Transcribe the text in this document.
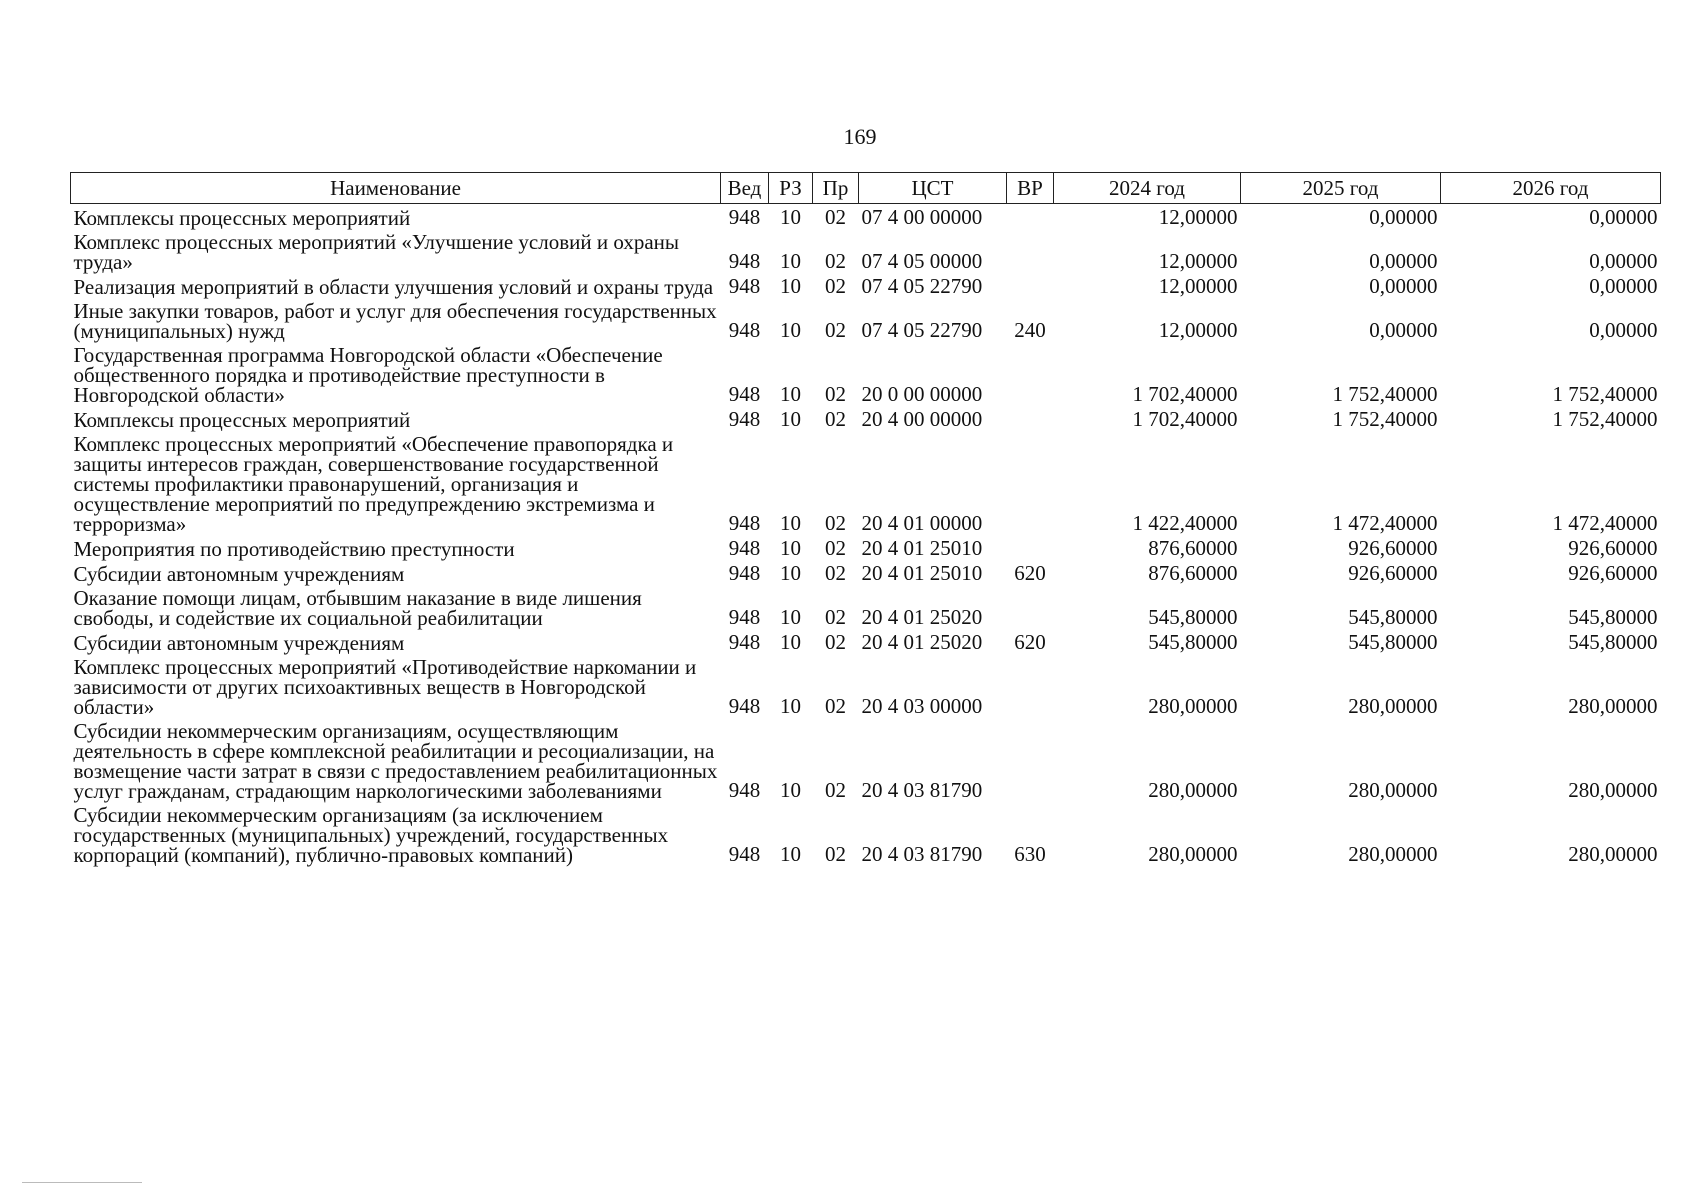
169
Наименование	Вед	РЗ	Пр	ЦСТ	ВР	2024 год	2025 год	2026 год
Комплексы процессных мероприятий	948	10	02	07 4 00 00000		12,00000	0,00000	0,00000
Комплекс процессных мероприятий «Улучшение условий и охраны труда»	948	10	02	07 4 05 00000		12,00000	0,00000	0,00000
Реализация мероприятий в области улучшения условий и охраны труда	948	10	02	07 4 05 22790		12,00000	0,00000	0,00000
Иные закупки товаров, работ и услуг для обеспечения государственных (муниципальных) нужд	948	10	02	07 4 05 22790	240	12,00000	0,00000	0,00000
Государственная программа Новгородской области «Обеспечение общественного порядка и противодействие преступности в Новгородской области»	948	10	02	20 0 00 00000		1 702,40000	1 752,40000	1 752,40000
Комплексы процессных мероприятий	948	10	02	20 4 00 00000		1 702,40000	1 752,40000	1 752,40000
Комплекс процессных мероприятий «Обеспечение правопорядка и защиты интересов граждан, совершенствование государственной системы профилактики правонарушений, организация и осуществление мероприятий по предупреждению экстремизма и терроризма»	948	10	02	20 4 01 00000		1 422,40000	1 472,40000	1 472,40000
Мероприятия по противодействию преступности	948	10	02	20 4 01 25010		876,60000	926,60000	926,60000
Субсидии автономным учреждениям	948	10	02	20 4 01 25010	620	876,60000	926,60000	926,60000
Оказание помощи лицам, отбывшим наказание в виде лишения свободы, и содействие их социальной реабилитации	948	10	02	20 4 01 25020		545,80000	545,80000	545,80000
Субсидии автономным учреждениям	948	10	02	20 4 01 25020	620	545,80000	545,80000	545,80000
Комплекс процессных мероприятий «Противодействие наркомании и зависимости от других психоактивных веществ в Новгородской области»	948	10	02	20 4 03 00000		280,00000	280,00000	280,00000
Субсидии некоммерческим организациям, осуществляющим деятельность в сфере комплексной реабилитации и ресоциализации, на возмещение части затрат в связи с предоставлением реабилитационных услуг гражданам, страдающим наркологическими заболеваниями	948	10	02	20 4 03 81790		280,00000	280,00000	280,00000
Субсидии некоммерческим организациям (за исключением государственных (муниципальных) учреждений, государственных корпораций (компаний), публично-правовых компаний)	948	10	02	20 4 03 81790	630	280,00000	280,00000	280,00000
